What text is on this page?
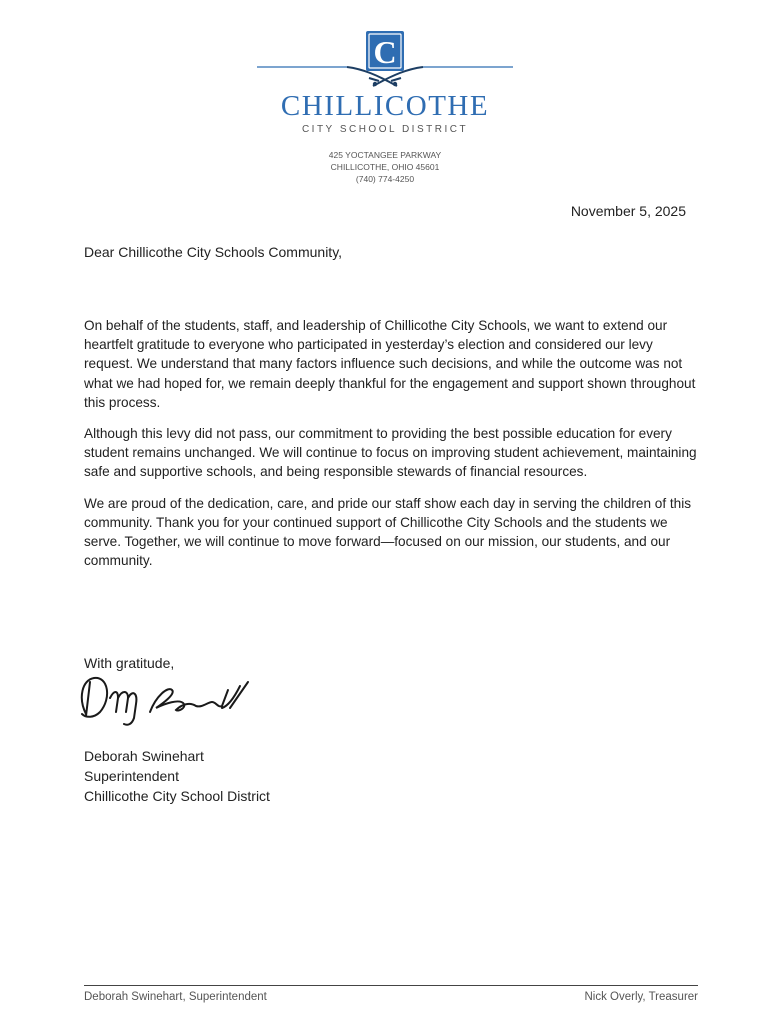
C
CHILLICOTHE
CITY SCHOOL DISTRICT
425 YOCTANGEE PARKWAY
CHILLICOTHE, OHIO 45601
(740) 774-4250
November 5, 2025
Dear Chillicothe City Schools Community,

On behalf of the students, staff, and leadership of Chillicothe City Schools, we want to extend our heartfelt gratitude to everyone who participated in yesterday’s election and considered our levy request. We understand that many factors influence such decisions, and while the outcome was not what we had hoped for, we remain deeply thankful for the engagement and support shown throughout this process.

Although this levy did not pass, our commitment to providing the best possible education for every student remains unchanged. We will continue to focus on improving student achievement, maintaining safe and supportive schools, and being responsible stewards of financial resources.

We are proud of the dedication, care, and pride our staff show each day in serving the children of this community. Thank you for your continued support of Chillicothe City Schools and the students we serve. Together, we will continue to move forward—focused on our mission, our students, and our community.

With gratitude,
Deborah Swinehart
Superintendent
Chillicothe City School District
Deborah Swinehart, Superintendent	Nick Overly, Treasurer
